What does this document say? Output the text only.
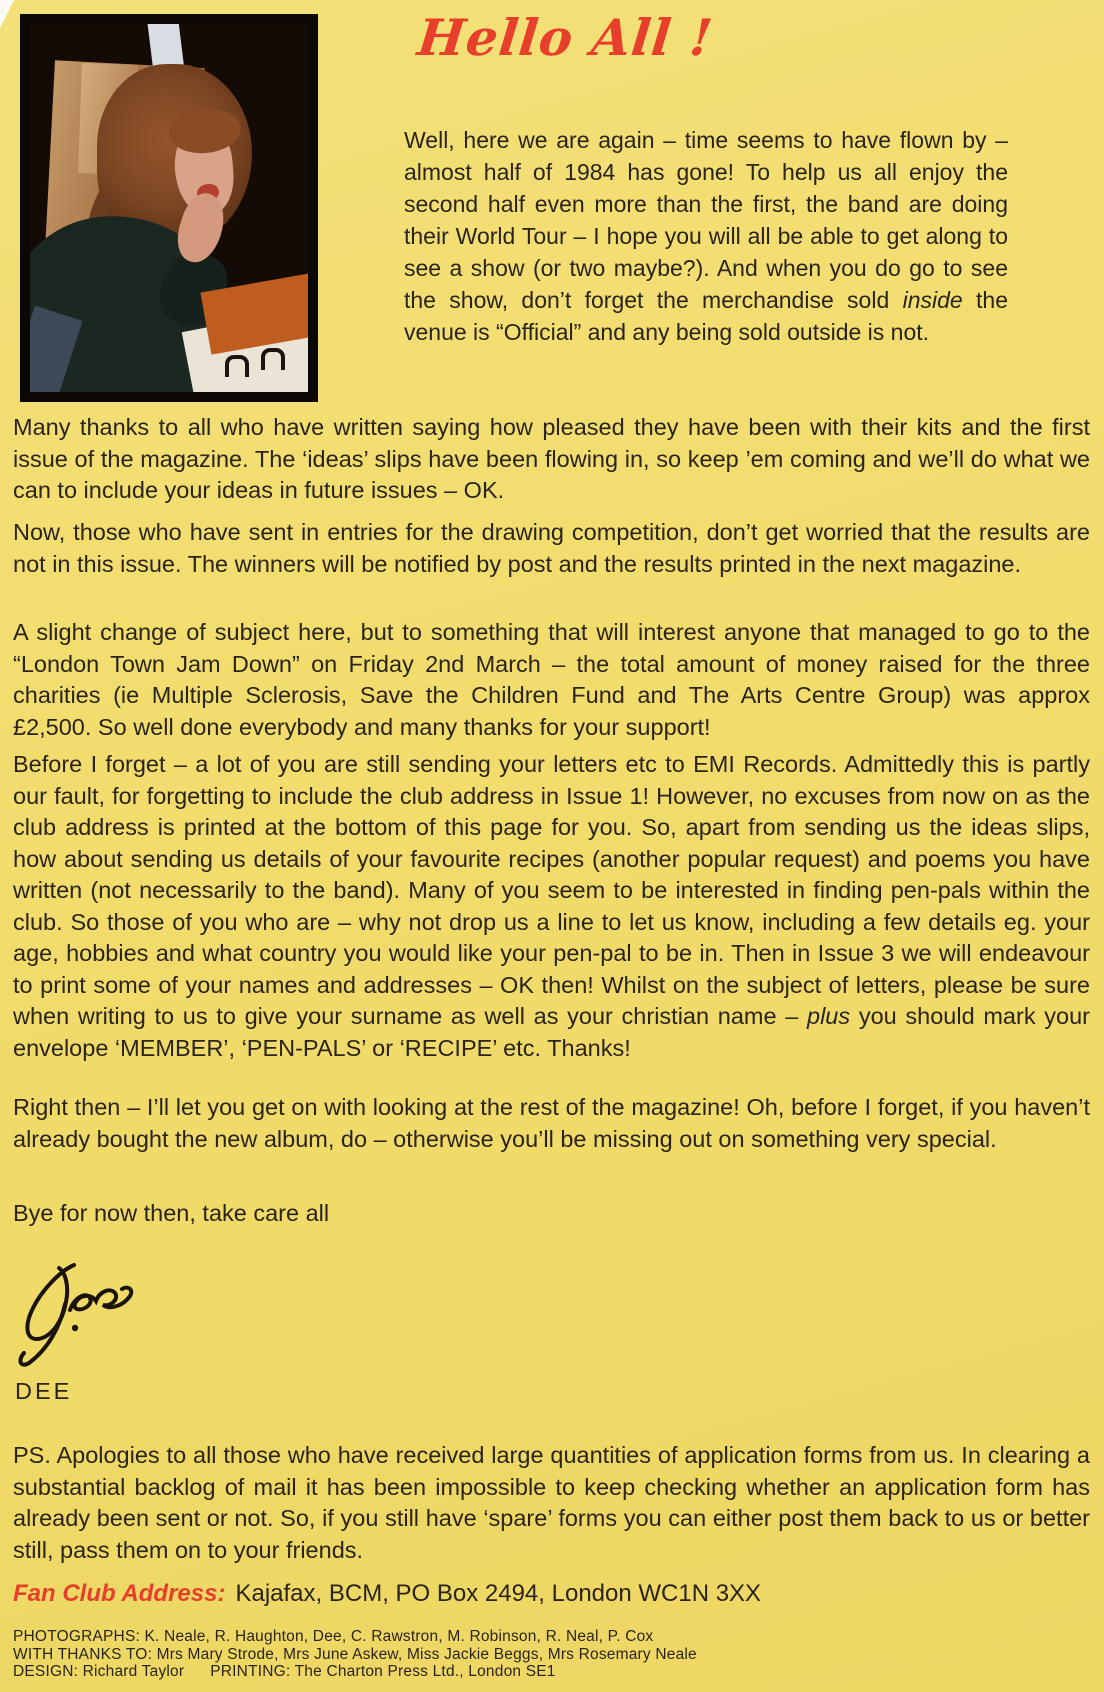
Hello All !

Well, here we are again – time seems to have flown by – almost half of 1984 has gone! To help us all enjoy the second half even more than the first, the band are doing their World Tour – I hope you will all be able to get along to see a show (or two maybe?). And when you do go to see the show, don’t forget the merchandise sold inside the venue is “Official” and any being sold outside is not.

Many thanks to all who have written saying how pleased they have been with their kits and the first issue of the magazine. The ‘ideas’ slips have been flowing in, so keep ’em coming and we’ll do what we can to include your ideas in future issues – OK.

Now, those who have sent in entries for the drawing competition, don’t get worried that the results are not in this issue. The winners will be notified by post and the results printed in the next magazine.

A slight change of subject here, but to something that will interest anyone that managed to go to the “London Town Jam Down” on Friday 2nd March – the total amount of money raised for the three charities (ie Multiple Sclerosis, Save the Children Fund and The Arts Centre Group) was approx £2,500. So well done everybody and many thanks for your support!

Before I forget – a lot of you are still sending your letters etc to EMI Records. Admittedly this is partly our fault, for forgetting to include the club address in Issue 1! However, no excuses from now on as the club address is printed at the bottom of this page for you. So, apart from sending us the ideas slips, how about sending us details of your favourite recipes (another popular request) and poems you have written (not necessarily to the band). Many of you seem to be interested in finding pen-pals within the club. So those of you who are – why not drop us a line to let us know, including a few details eg. your age, hobbies and what country you would like your pen-pal to be in. Then in Issue 3 we will endeavour to print some of your names and addresses – OK then! Whilst on the subject of letters, please be sure when writing to us to give your surname as well as your christian name – plus you should mark your envelope ‘MEMBER’, ‘PEN-PALS’ or ‘RECIPE’ etc. Thanks!

Right then – I’ll let you get on with looking at the rest of the magazine! Oh, before I forget, if you haven’t already bought the new album, do – otherwise you’ll be missing out on something very special.

Bye for now then, take care all

DEE

PS. Apologies to all those who have received large quantities of application forms from us. In clearing a substantial backlog of mail it has been impossible to keep checking whether an application form has already been sent or not. So, if you still have ‘spare’ forms you can either post them back to us or better still, pass them on to your friends.

Fan Club Address: Kajafax, BCM, PO Box 2494, London WC1N 3XX

PHOTOGRAPHS: K. Neale, R. Haughton, Dee, C. Rawstron, M. Robinson, R. Neal, P. Cox
WITH THANKS TO: Mrs Mary Strode, Mrs June Askew, Miss Jackie Beggs, Mrs Rosemary Neale
DESIGN: Richard Taylor PRINTING: The Charton Press Ltd., London SE1
